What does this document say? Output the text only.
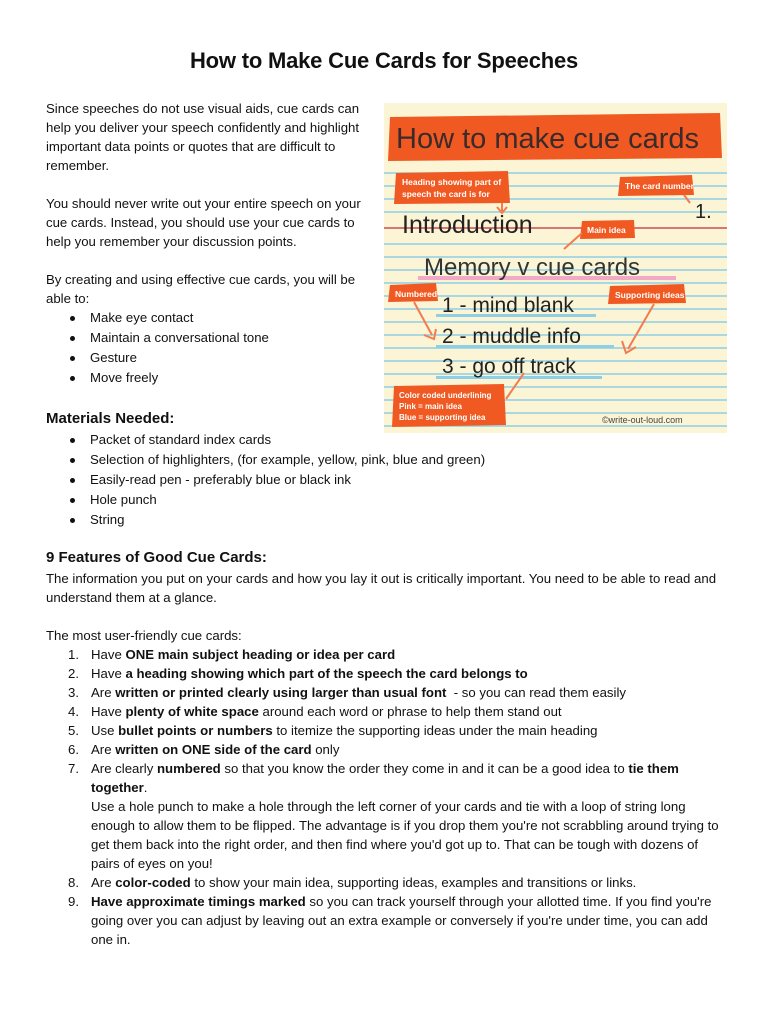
How to Make Cue Cards for Speeches

Since speeches do not use visual aids, cue cards can help you deliver your speech confidently and highlight important data points or quotes that are difficult to remember.

You should never write out your entire speech on your cue cards. Instead, you should use your cue cards to help you remember your discussion points.

By creating and using effective cue cards, you will be able to:

Make eye contact
Maintain a conversational tone
Gesture
Move freely
How to make cue cards
Heading showing part of
speech the card is for
The card number
1.
Introduction	Main idea
Memory v cue cards
Numbered	Supporting ideas
1 - mind blank
2 - muddle info
3 - go off track
Color coded underlining
Pink = main idea
Blue = supporting idea	©write-out-loud.com
Materials Needed:
Packet of standard index cards
Selection of highlighters, (for example, yellow, pink, blue and green)
Easily-read pen - preferably blue or black ink
Hole punch
String
9 Features of Good Cue Cards:

The information you put on your cards and how you lay it out is critically important. You need to be able to read and understand them at a glance.

The most user-friendly cue cards:

1. Have ONE main subject heading or idea per card
2. Have a heading showing which part of the speech the card belongs to
3. Are written or printed clearly using larger than usual font  - so you can read them easily
4. Have plenty of white space around each word or phrase to help them stand out
5. Use bullet points or numbers to itemize the supporting ideas under the main heading
6. Are written on ONE side of the card only
7. Are clearly numbered so that you know the order they come in and it can be a good idea to tie them together.
Use a hole punch to make a hole through the left corner of your cards and tie with a loop of string long enough to allow them to be flipped. The advantage is if you drop them you're not scrabbling around trying to get them back into the right order, and then find where you'd got up to. That can be tough with dozens of pairs of eyes on you!
8. Are color-coded to show your main idea, supporting ideas, examples and transitions or links.
9. Have approximate timings marked so you can track yourself through your allotted time. If you find you're going over you can adjust by leaving out an extra example or conversely if you're under time, you can add one in.
